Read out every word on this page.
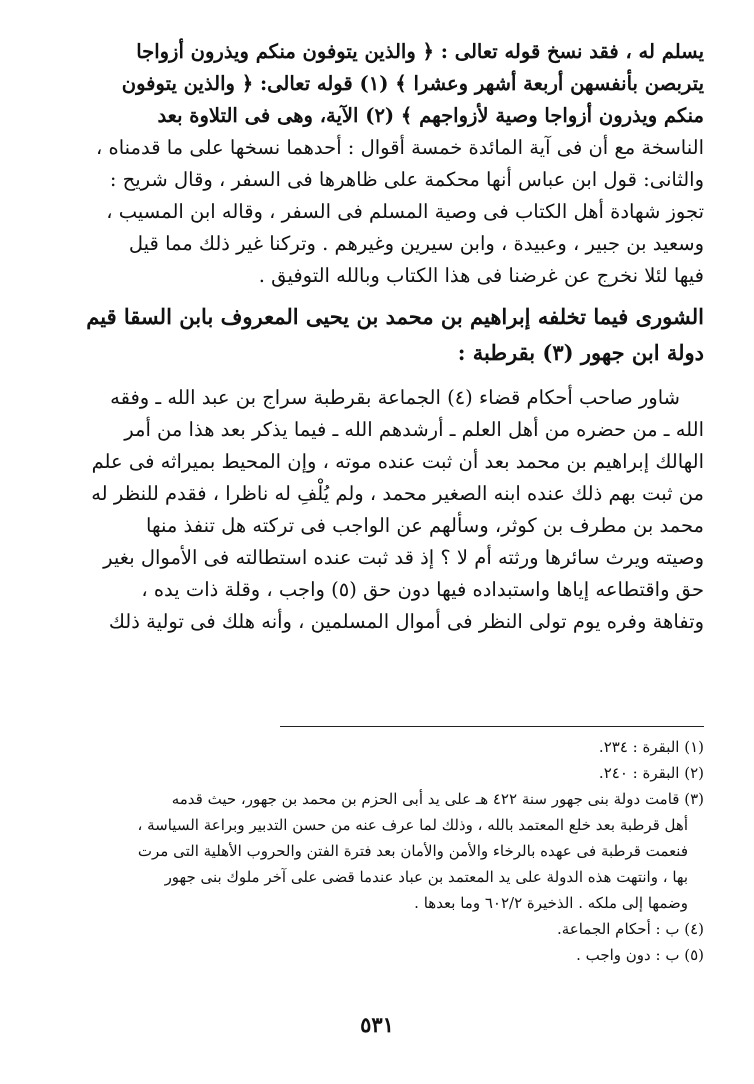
يسلم له ، فقد نسخ قوله تعالى : ﴿ والذين يتوفون منكم ويذرون أزواجا
يتربصن بأنفسهن أربعة أشهر وعشرا ﴾ (١) قوله تعالى: ﴿ والذين يتوفون
منكم ويذرون أزواجا وصية لأزواجهم ﴾ (٢) الآية، وهى فى التلاوة بعد
الناسخة مع أن فى آية المائدة خمسة أقوال : أحدهما نسخها على ما قدمناه ،
والثانى: قول ابن عباس أنها محكمة على ظاهرها فى السفر ، وقال شريح :
تجوز شهادة أهل الكتاب فى وصية المسلم فى السفر ، وقاله ابن المسيب ،
وسعيد بن جبير ، وعبيدة ، وابن سيرين وغيرهم . وتركنا غير ذلك مما قيل
فيها لئلا نخرج عن غرضنا فى هذا الكتاب وبالله التوفيق .
الشورى فيما تخلفه إبراهيم بن محمد بن يحيى المعروف بابن السقا قيم
دولة ابن جهور (٣) بقرطبة :
شاور صاحب أحكام قضاء (٤) الجماعة بقرطبة سراج بن عبد الله ـ وفقه
الله ـ من حضره من أهل العلم ـ أرشدهم الله ـ فيما يذكر بعد هذا من أمر
الهالك إبراهيم بن محمد بعد أن ثبت عنده موته ، وإن المحيط بميراثه فى علم
من ثبت بهم ذلك عنده ابنه الصغير محمد ، ولم يُلْفِ له ناظرا ، فقدم للنظر له
محمد بن مطرف بن كوثر، وسألهم عن الواجب فى تركته هل تنفذ منها
وصيته ويرث سائرها ورثته أم لا ؟ إذ قد ثبت عنده استطالته فى الأموال بغير
حق واقتطاعه إياها واستبداده فيها دون حق (٥) واجب ، وقلة ذات يده ،
وتفاهة وفره يوم تولى النظر فى أموال المسلمين ، وأنه هلك فى تولية ذلك
(١) البقرة : ٢٣٤.
(٢) البقرة : ٢٤٠.
(٣) قامت دولة بنى جهور سنة ٤٢٢ هـ على يد أبى الحزم بن محمد بن جهور، حيث قدمه
أهل قرطبة بعد خلع المعتمد بالله ، وذلك لما عرف عنه من حسن التدبير وبراعة السياسة ،
فنعمت قرطبة فى عهده بالرخاء والأمن والأمان بعد فترة الفتن والحروب الأهلية التى مرت
بها ، وانتهت هذه الدولة على يد المعتمد بن عباد عندما قضى على آخر ملوك بنى جهور
وضمها إلى ملكه . الذخيرة ٦٠٢/٢ وما بعدها .
(٤) ب : أحكام الجماعة.
(٥) ب : دون واجب .
٥٣١
